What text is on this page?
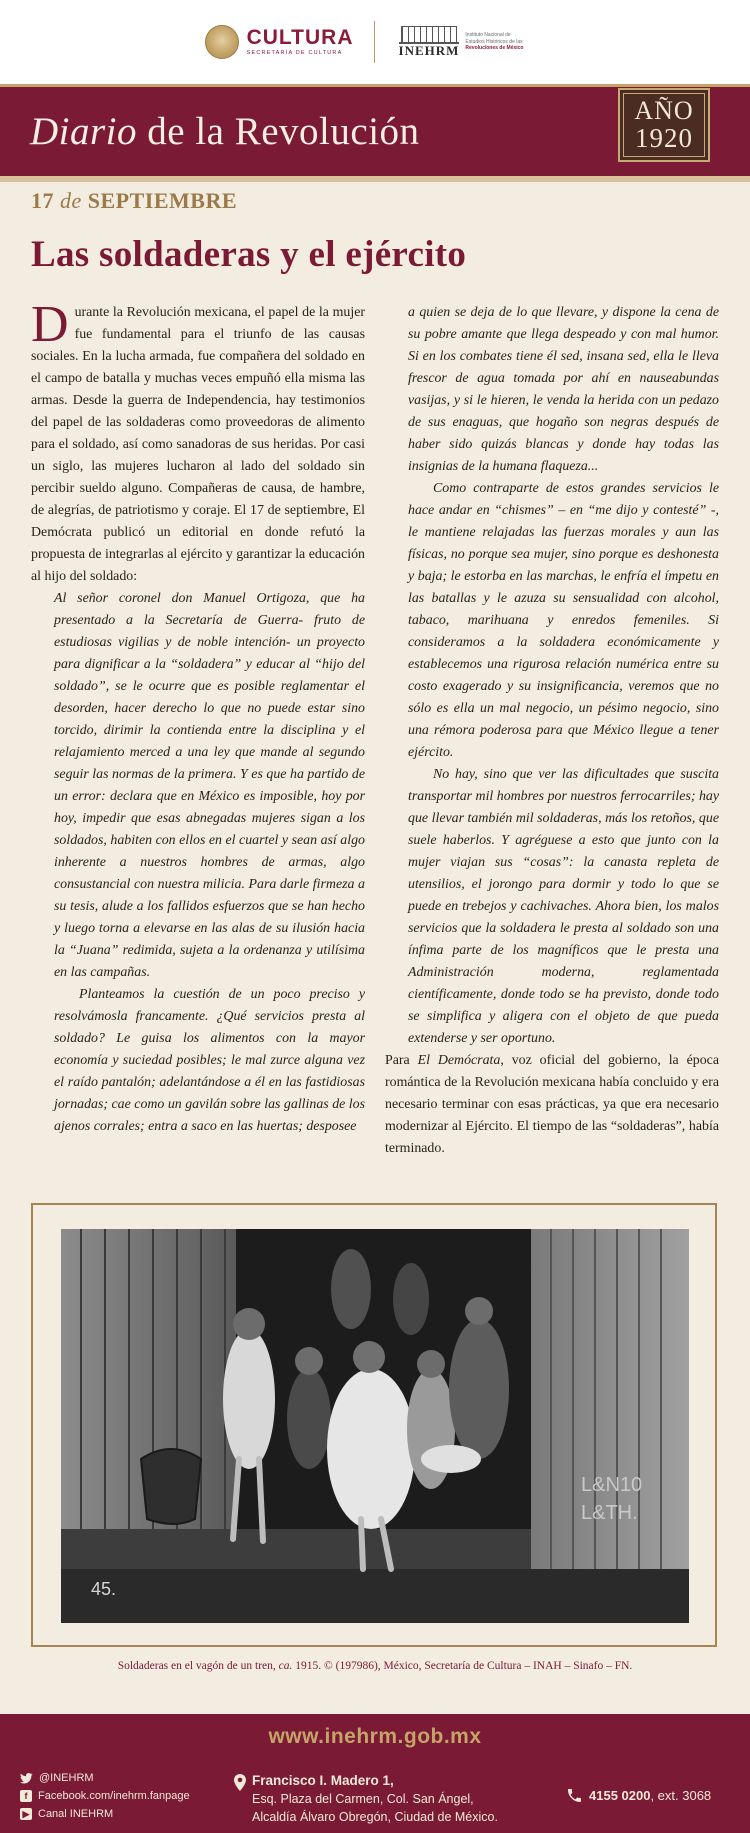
CULTURA
SECRETARÍA DE CULTURA	INEHRM
Instituto Nacional de
Estudios Históricos de las
Revoluciones de México
Diario de la Revolución	AÑO
1920
17 de SEPTIEMBRE
Las soldaderas y el ejército

Durante la Revolución mexicana, el papel de la mujer fue fundamental para el triunfo de las causas sociales. En la lucha armada, fue compañera del soldado en el campo de batalla y muchas veces empuñó ella misma las armas. Desde la guerra de Independencia, hay testimonios del papel de las soldaderas como proveedoras de alimento para el soldado, así como sanadoras de sus heridas. Por casi un siglo, las mujeres lucharon al lado del soldado sin percibir sueldo alguno. Compañeras de causa, de hambre, de alegrías, de patriotismo y coraje. El 17 de septiembre, El Demócrata publicó un editorial en donde refutó la propuesta de integrarlas al ejército y garantizar la educación al hijo del soldado:

Al señor coronel don Manuel Ortigoza, que ha presentado a la Secretaría de Guerra- fruto de estudiosas vigilias y de noble intención- un proyecto para dignificar a la “soldadera” y educar al “hijo del soldado”, se le ocurre que es posible reglamentar el desorden, hacer derecho lo que no puede estar sino torcido, dirimir la contienda entre la disciplina y el relajamiento merced a una ley que mande al segundo seguir las normas de la primera. Y es que ha partido de un error: declara que en México es imposible, hoy por hoy, impedir que esas abnegadas mujeres sigan a los soldados, habiten con ellos en el cuartel y sean así algo inherente a nuestros hombres de armas, algo consustancial con nuestra milicia. Para darle firmeza a su tesis, alude a los fallidos esfuerzos que se han hecho y luego torna a elevarse en las alas de su ilusión hacia la “Juana” redimida, sujeta a la ordenanza y utilísima en las campañas.

Planteamos la cuestión de un poco preciso y resolvámosla francamente. ¿Qué servicios presta al soldado? Le guisa los alimentos con la mayor economía y suciedad posibles; le mal zurce alguna vez el raído pantalón; adelantándose a él en las fastidiosas jornadas; cae como un gavilán sobre las gallinas de los ajenos corrales; entra a saco en las huertas; desposee

a quien se deja de lo que llevare, y dispone la cena de su pobre amante que llega despeado y con mal humor. Si en los combates tiene él sed, insana sed, ella le lleva frescor de agua tomada por ahí en nauseabundas vasijas, y si le hieren, le venda la herida con un pedazo de sus enaguas, que hogaño son negras después de haber sido quizás blancas y donde hay todas las insignias de la humana flaqueza...

Como contraparte de estos grandes servicios le hace andar en “chismes” – en “me dijo y contesté” -, le mantiene relajadas las fuerzas morales y aun las físicas, no porque sea mujer, sino porque es deshonesta y baja; le estorba en las marchas, le enfría el ímpetu en las batallas y le azuza su sensualidad con alcohol, tabaco, marihuana y enredos femeniles. Si consideramos a la soldadera económicamente y establecemos una rigurosa relación numérica entre su costo exagerado y su insignificancia, veremos que no sólo es ella un mal negocio, un pésimo negocio, sino una rémora poderosa para que México llegue a tener ejército.

No hay, sino que ver las dificultades que suscita transportar mil hombres por nuestros ferrocarriles; hay que llevar también mil soldaderas, más los retoños, que suele haberlos. Y agréguese a esto que junto con la mujer viajan sus “cosas”: la canasta repleta de utensilios, el jorongo para dormir y todo lo que se puede en trebejos y cachivaches. Ahora bien, los malos servicios que la soldadera le presta al soldado son una ínfima parte de los magníficos que le presta una Administración moderna, reglamentada científicamente, donde todo se ha previsto, donde todo se simplifica y aligera con el objeto de que pueda extenderse y ser oportuno.

Para El Demócrata, voz oficial del gobierno, la época romántica de la Revolución mexicana había concluido y era necesario terminar con esas prácticas, ya que era necesario modernizar al Ejército. El tiempo de las “soldaderas”, había terminado.

L&N10
L&TH.
45.
Soldaderas en el vagón de un tren, ca. 1915. © (197986), México, Secretaría de Cultura – INAH – Sinafo – FN.
www.inehrm.gob.mx
@INEHRM
f Facebook.com/inehrm.fanpage
▶ Canal INEHRM
Francisco I. Madero 1,
Esq. Plaza del Carmen, Col. San Ángel,
Alcaldía Álvaro Obregón, Ciudad de México.
4155 0200, ext. 3068
